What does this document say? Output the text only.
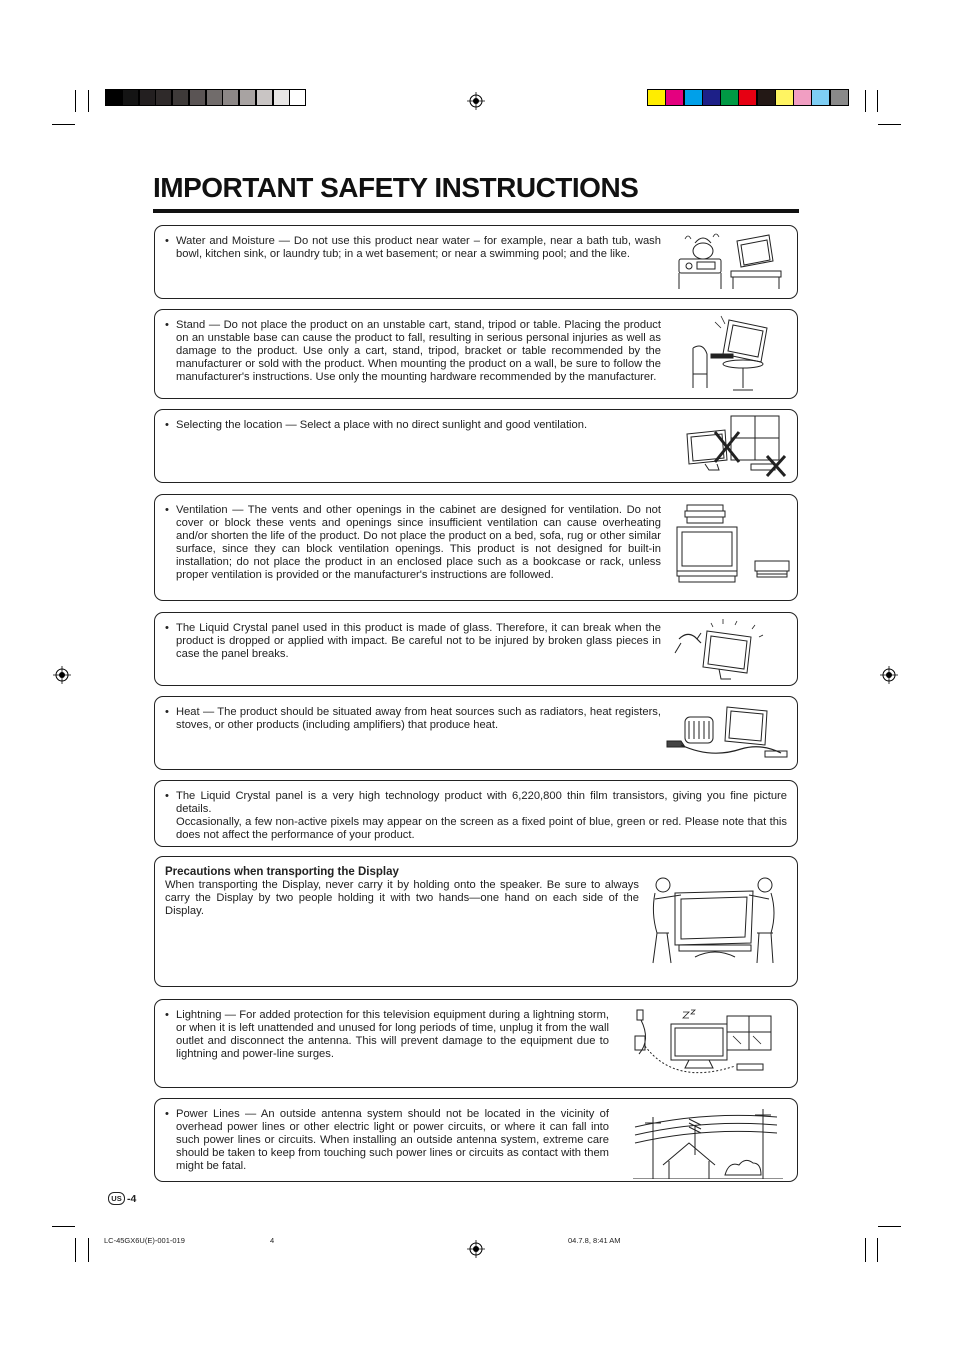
IMPORTANT SAFETY INSTRUCTIONS
• Water and Moisture — Do not use this product near water – for example, near a bath tub, wash bowl, kitchen sink, or laundry tub; in a wet basement; or near a swimming pool; and the like.
• Stand — Do not place the product on an unstable cart, stand, tripod or table. Placing the product on an unstable base can cause the product to fall, resulting in serious personal injuries as well as damage to the product. Use only a cart, stand, tripod, bracket or table recommended by the manufacturer or sold with the product. When mounting the product on a wall, be sure to follow the manufacturer's instructions. Use only the mounting hardware recommended by the manufacturer.
• Selecting the location — Select a place with no direct sunlight and good ventilation.
• Ventilation — The vents and other openings in the cabinet are designed for ventilation. Do not cover or block these vents and openings since insufficient ventilation can cause overheating and/or shorten the life of the product. Do not place the product on a bed, sofa, rug or other similar surface, since they can block ventilation openings. This product is not designed for built-in installation; do not place the product in an enclosed place such as a bookcase or rack, unless proper ventilation is provided or the manufacturer's instructions are followed.
• The Liquid Crystal panel used in this product is made of glass. Therefore, it can break when the product is dropped or applied with impact. Be careful not to be injured by broken glass pieces in case the panel breaks.
• Heat — The product should be situated away from heat sources such as radiators, heat registers, stoves, or other products (including amplifiers) that produce heat.
• The Liquid Crystal panel is a very high technology product with 6,220,800 thin film transistors, giving you fine picture details.
Occasionally, a few non-active pixels may appear on the screen as a fixed point of blue, green or red. Please note that this does not affect the performance of your product.
Precautions when transporting the Display
When transporting the Display, never carry it by holding onto the speaker. Be sure to always carry the Display by two people holding it with two hands—one hand on each side of the Display.
• Lightning — For added protection for this television equipment during a lightning storm, or when it is left unattended and unused for long periods of time, unplug it from the wall outlet and disconnect the antenna. This will prevent damage to the equipment due to lightning and power-line surges.
• Power Lines — An outside antenna system should not be located in the vicinity of overhead power lines or other electric light or power circuits, or where it can fall into such power lines or circuits. When installing an outside antenna system, extreme care should be taken to keep from touching such power lines or circuits as contact with them might be fatal.
US -4
LC-45GX6U(E)-001-019	4	04.7.8, 8:41 AM
